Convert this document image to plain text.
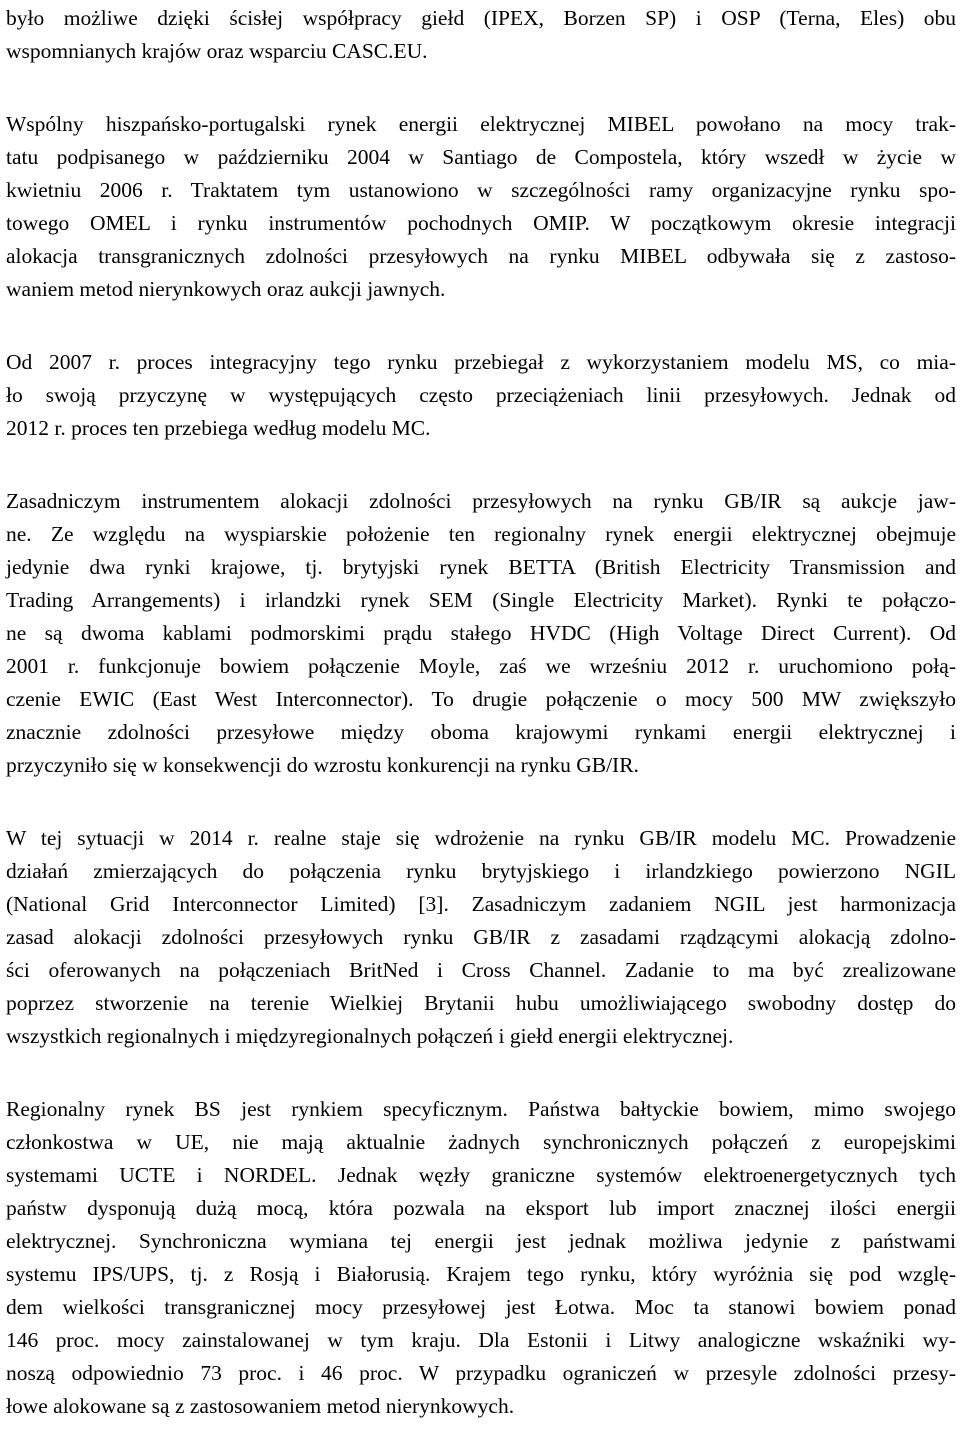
było możliwe dzięki ścisłej współpracy giełd (IPEX, Borzen SP) i OSP (Terna, Eles) obu
wspomnianych krajów oraz wsparciu CASC.EU.
Wspólny hiszpańsko-portugalski rynek energii elektrycznej MIBEL powołano na mocy trak-
tatu podpisanego w październiku 2004 w Santiago de Compostela, który wszedł w życie w
kwietniu 2006 r. Traktatem tym ustanowiono w szczególności ramy organizacyjne rynku spo-
towego OMEL i rynku instrumentów pochodnych OMIP. W początkowym okresie integracji
alokacja transgranicznych zdolności przesyłowych na rynku MIBEL odbywała się z zastoso-
waniem metod nierynkowych oraz aukcji jawnych.
Od 2007 r. proces integracyjny tego rynku przebiegał z wykorzystaniem modelu MS, co mia-
ło swoją przyczynę w występujących często przeciążeniach linii przesyłowych. Jednak od
2012 r. proces ten przebiega według modelu MC.
Zasadniczym instrumentem alokacji zdolności przesyłowych na rynku GB/IR są aukcje jaw-
ne. Ze względu na wyspiarskie położenie ten regionalny rynek energii elektrycznej obejmuje
jedynie dwa rynki krajowe, tj. brytyjski rynek BETTA (British Electricity Transmission and
Trading Arrangements) i irlandzki rynek SEM (Single Electricity Market). Rynki te połączo-
ne są dwoma kablami podmorskimi prądu stałego HVDC (High Voltage Direct Current). Od
2001 r. funkcjonuje bowiem połączenie Moyle, zaś we wrześniu 2012 r. uruchomiono połą-
czenie EWIC (East West Interconnector). To drugie połączenie o mocy 500 MW zwiększyło
znacznie zdolności przesyłowe między oboma krajowymi rynkami energii elektrycznej i
przyczyniło się w konsekwencji do wzrostu konkurencji na rynku GB/IR.
W tej sytuacji w 2014 r. realne staje się wdrożenie na rynku GB/IR modelu MC. Prowadzenie
działań zmierzających do połączenia rynku brytyjskiego i irlandzkiego powierzono NGIL
(National Grid Interconnector Limited) [3]. Zasadniczym zadaniem NGIL jest harmonizacja
zasad alokacji zdolności przesyłowych rynku GB/IR z zasadami rządzącymi alokacją zdolno-
ści oferowanych na połączeniach BritNed i Cross Channel. Zadanie to ma być zrealizowane
poprzez stworzenie na terenie Wielkiej Brytanii hubu umożliwiającego swobodny dostęp do
wszystkich regionalnych i międzyregionalnych połączeń i giełd energii elektrycznej.
Regionalny rynek BS jest rynkiem specyficznym. Państwa bałtyckie bowiem, mimo swojego
członkostwa w UE, nie mają aktualnie żadnych synchronicznych połączeń z europejskimi
systemami UCTE i NORDEL. Jednak węzły graniczne systemów elektroenergetycznych tych
państw dysponują dużą mocą, która pozwala na eksport lub import znacznej ilości energii
elektrycznej. Synchroniczna wymiana tej energii jest jednak możliwa jedynie z państwami
systemu IPS/UPS, tj. z Rosją i Białorusią. Krajem tego rynku, który wyróżnia się pod wzglę-
dem wielkości transgranicznej mocy przesyłowej jest Łotwa. Moc ta stanowi bowiem ponad
146 proc. mocy zainstalowanej w tym kraju. Dla Estonii i Litwy analogiczne wskaźniki wy-
noszą odpowiednio 73 proc. i 46 proc. W przypadku ograniczeń w przesyle zdolności przesy-
łowe alokowane są z zastosowaniem metod nierynkowych.
